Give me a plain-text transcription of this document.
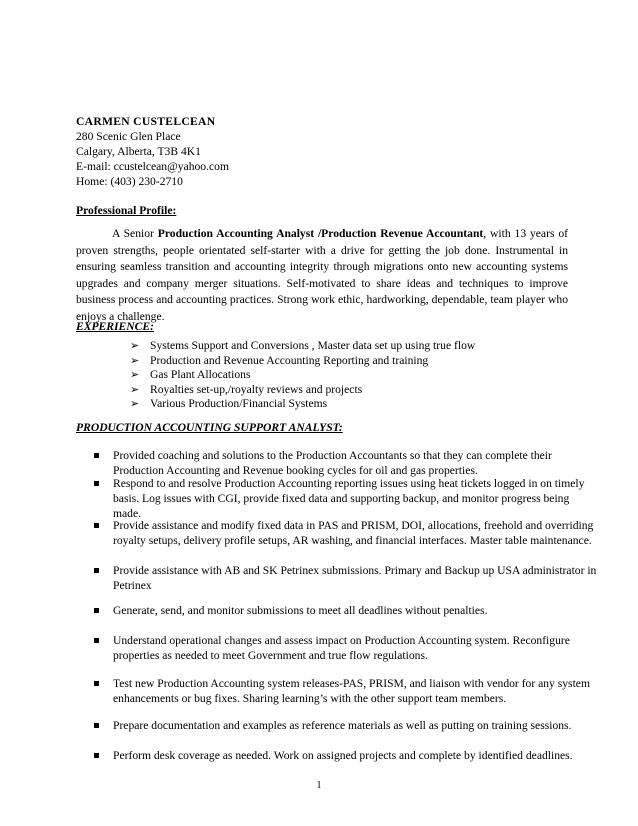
CARMEN CUSTELCEAN
280 Scenic Glen Place
Calgary, Alberta, T3B 4K1
E-mail: ccustelcean@yahoo.com
Home: (403) 230-2710
Professional Profile:
A Senior Production Accounting Analyst /Production Revenue Accountant, with 13 years of proven strengths, people orientated self-starter with a drive for getting the job done. Instrumental in ensuring seamless transition and accounting integrity through migrations onto new accounting systems upgrades and company merger situations. Self-motivated to share ideas and techniques to improve business process and accounting practices. Strong work ethic, hardworking, dependable, team player who enjoys a challenge.
EXPERIENCE:
➢ Systems Support and Conversions , Master data set up using true flow
➢ Production and Revenue Accounting Reporting and training
➢ Gas Plant Allocations
➢ Royalties set-up,/royalty reviews and projects
➢ Various Production/Financial Systems
PRODUCTION ACCOUNTING SUPPORT ANALYST:
Provided coaching and solutions to the Production Accountants so that they can complete their
Production Accounting and Revenue booking cycles for oil and gas properties.
Respond to and resolve Production Accounting reporting issues using heat tickets logged in on timely
basis. Log issues with CGI, provide fixed data and supporting backup, and monitor progress being made.
Provide assistance and modify fixed data in PAS and PRISM, DOI, allocations, freehold and overriding
royalty setups, delivery profile setups, AR washing, and financial interfaces. Master table maintenance.
Provide assistance with AB and SK Petrinex submissions. Primary and Backup up USA administrator in
Petrinex
Generate, send, and monitor submissions to meet all deadlines without penalties.
Understand operational changes and assess impact on Production Accounting system. Reconfigure
properties as needed to meet Government and true flow regulations.
Test new Production Accounting system releases-PAS, PRISM, and liaison with vendor for any system
enhancements or bug fixes. Sharing learning’s with the other support team members.
Prepare documentation and examples as reference materials as well as putting on training sessions.
Perform desk coverage as needed. Work on assigned projects and complete by identified deadlines.
1
